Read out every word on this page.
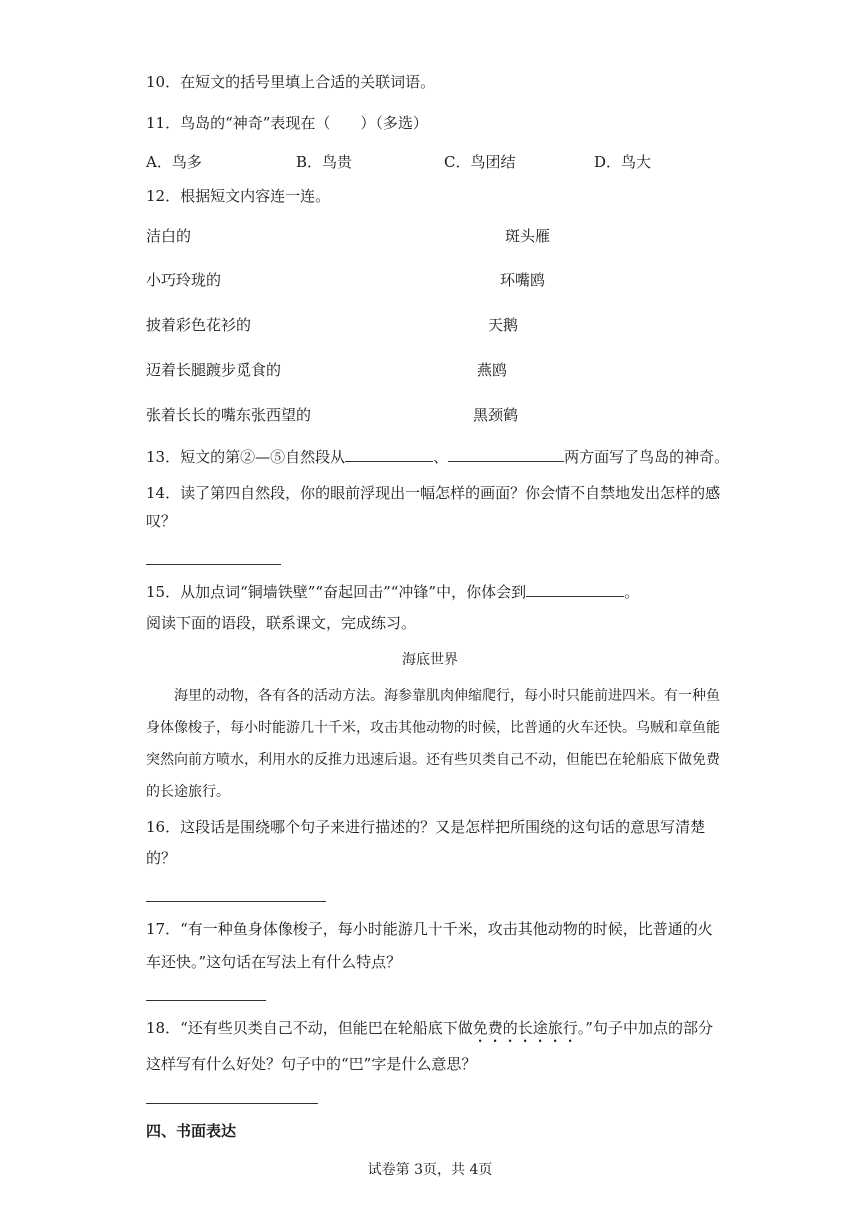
10．在短文的括号里填上合适的关联词语。
11．鸟岛的“神奇”表现在（　　）（多选）
A．鸟多	B．鸟贵	C．鸟团结	D．鸟大
12．根据短文内容连一连。
洁白的	斑头雁
小巧玲珑的	环嘴鸥
披着彩色花衫的	天鹅
迈着长腿踱步觅食的	燕鸥
张着长长的嘴东张西望的	黑颈鹤
13．短文的第②—⑤自然段从	、	两方面写了鸟岛的神奇。
14．读了第四自然段，你的眼前浮现出一幅怎样的画面？你会情不自禁地发出怎样的感
叹？
15．从加点词“铜墙铁壁”“奋起回击”“冲锋”中，你体会到	。
阅读下面的语段，联系课文，完成练习。
海底世界

海里的动物，各有各的活动方法。海参靠肌肉伸缩爬行，每小时只能前进四米。有一种鱼身体像梭子，每小时能游几十千米，攻击其他动物的时候，比普通的火车还快。乌贼和章鱼能突然向前方喷水，利用水的反推力迅速后退。还有些贝类自己不动，但能巴在轮船底下做免费的长途旅行。

16．这段话是围绕哪个句子来进行描述的？又是怎样把所围绕的这句话的意思写清楚
的？
17．“有一种鱼身体像梭子，每小时能游几十千米，攻击其他动物的时候，比普通的火
车还快。”这句话在写法上有什么特点？
18．“还有些贝类自己不动，但能巴在轮船底下做免费的长途旅行。”句子中加点的部分
这样写有什么好处？句子中的“巴”字是什么意思？
四、书面表达
试卷第 3页，共 4页
